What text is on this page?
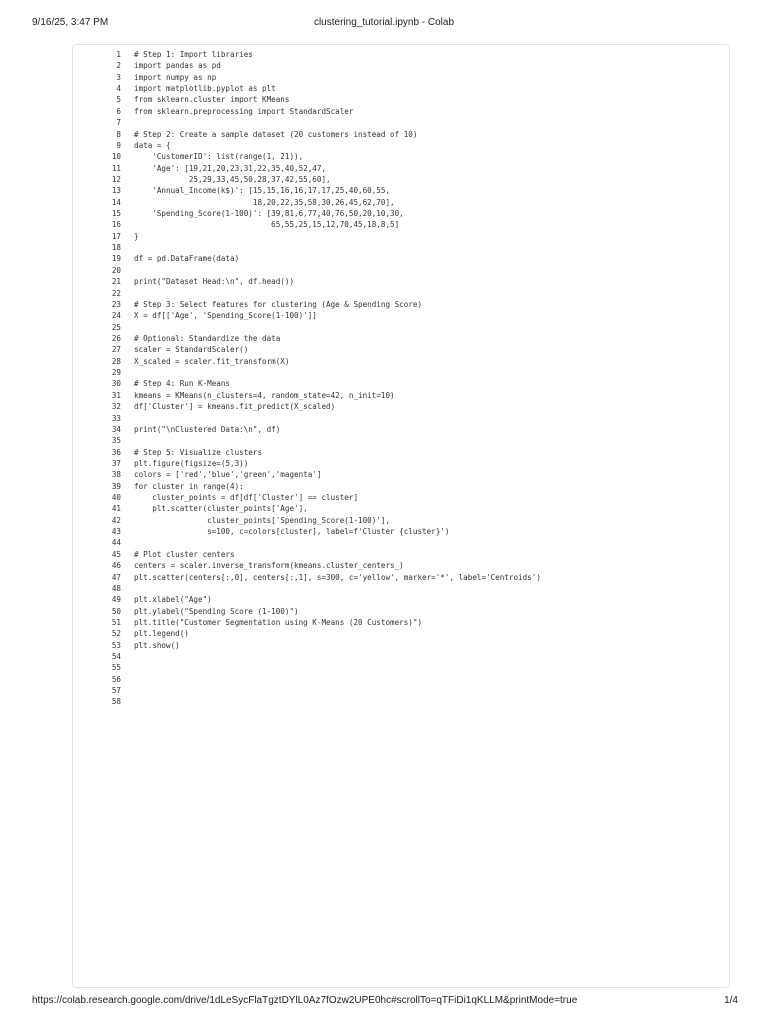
9/16/25, 3:47 PM	clustering_tutorial.ipynb - Colab
1 # Step 1: Import libraries
2 import pandas as pd
3 import numpy as np
4 import matplotlib.pyplot as plt
5 from sklearn.cluster import KMeans
6 from sklearn.preprocessing import StandardScaler
7
8 # Step 2: Create a sample dataset (20 customers instead of 10)
9 data = {
10    'CustomerID': list(range(1, 21)),
11    'Age': [19,21,20,23,31,22,35,40,52,47,
12            25,29,33,45,50,28,37,42,55,60],
13    'Annual_Income(k$)': [15,15,16,16,17,17,25,40,60,55,
14                          18,20,22,35,58,30,26,45,62,70],
15    'Spending_Score(1-100)': [39,81,6,77,40,76,50,20,10,30,
16                              65,55,25,15,12,70,45,18,8,5]
17 }
18
19 df = pd.DataFrame(data)
20
21 print("Dataset Head:\n", df.head())
22
23 # Step 3: Select features for clustering (Age & Spending Score)
24 X = df[['Age', 'Spending_Score(1-100)']]
25
26 # Optional: Standardize the data
27 scaler = StandardScaler()
28 X_scaled = scaler.fit_transform(X)
29
30 # Step 4: Run K-Means
31 kmeans = KMeans(n_clusters=4, random_state=42, n_init=10)
32 df['Cluster'] = kmeans.fit_predict(X_scaled)
33
34 print("\nClustered Data:\n", df)
35
36 # Step 5: Visualize clusters
37 plt.figure(figsize=(5,3))
38 colors = ['red','blue','green','magenta']
39 for cluster in range(4):
40    cluster_points = df[df['Cluster'] == cluster]
41    plt.scatter(cluster_points['Age'],
42                cluster_points['Spending_Score(1-100)'],
43                s=100, c=colors[cluster], label=f'Cluster {cluster}')
44
45 # Plot cluster centers
46 centers = scaler.inverse_transform(kmeans.cluster_centers_)
47 plt.scatter(centers[:,0], centers[:,1], s=300, c='yellow', marker='*', label='Centroids')
48
49 plt.xlabel("Age")
50 plt.ylabel("Spending Score (1-100)")
51 plt.title("Customer Segmentation using K-Means (20 Customers)")
52 plt.legend()
53 plt.show()
54
55
56
57
58
https://colab.research.google.com/drive/1dLeSycFlaTgztDYlL0Az7fOzw2UPE0hc#scrollTo=qTFiDi1qKLLM&printMode=true	1/4
